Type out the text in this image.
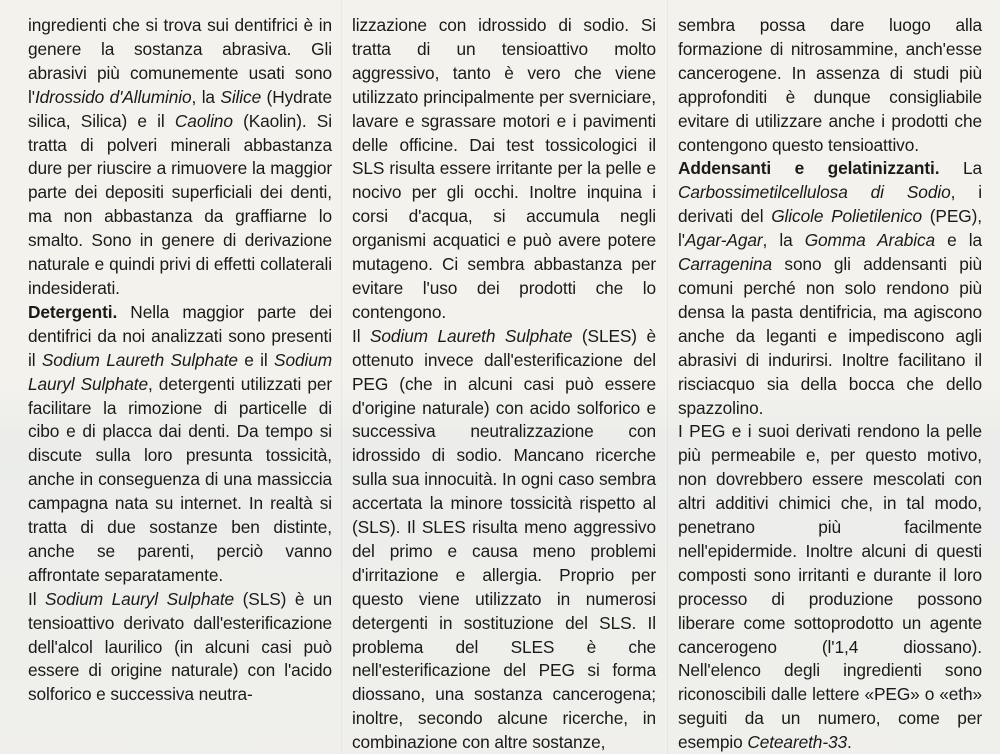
ingredienti che si trova sui dentifrici è in genere la sostanza abrasiva. Gli abrasivi più comunemente usati sono l'Idrossido d'Alluminio, la Silice (Hydrate silica, Silica) e il Caolino (Kaolin). Si tratta di polveri minerali abbastanza dure per riuscire a rimuovere la maggior parte dei depositi superficiali dei denti, ma non abbastanza da graffiarne lo smalto. Sono in genere di derivazione naturale e quindi privi di effetti collaterali indesiderati.

Detergenti. Nella maggior parte dei dentifrici da noi analizzati sono presenti il Sodium Laureth Sulphate e il Sodium Lauryl Sulphate, detergenti utilizzati per facilitare la rimozione di particelle di cibo e di placca dai denti. Da tempo si discute sulla loro presunta tossicità, anche in conseguenza di una massiccia campagna nata su internet. In realtà si tratta di due sostanze ben distinte, anche se parenti, perciò vanno affrontate separatamente.

Il Sodium Lauryl Sulphate (SLS) è un tensioattivo derivato dall'esterificazione dell'alcol laurilico (in alcuni casi può essere di origine naturale) con l'acido solforico e successiva neutra-

lizzazione con idrossido di sodio. Si tratta di un tensioattivo molto aggressivo, tanto è vero che viene utilizzato principalmente per sverniciare, lavare e sgrassare motori e i pavimenti delle officine. Dai test tossicologici il SLS risulta essere irritante per la pelle e nocivo per gli occhi. Inoltre inquina i corsi d'acqua, si accumula negli organismi acquatici e può avere potere mutageno. Ci sembra abbastanza per evitare l'uso dei prodotti che lo contengono.

Il Sodium Laureth Sulphate (SLES) è ottenuto invece dall'esterificazione del PEG (che in alcuni casi può essere d'origine naturale) con acido solforico e successiva neutralizzazione con idrossido di sodio. Mancano ricerche sulla sua innocuità. In ogni caso sembra accertata la minore tossicità rispetto al (SLS). Il SLES risulta meno aggressivo del primo e causa meno problemi d'irritazione e allergia. Proprio per questo viene utilizzato in numerosi detergenti in sostituzione del SLS. Il problema del SLES è che nell'esterificazione del PEG si forma diossano, una sostanza cancerogena; inoltre, secondo alcune ricerche, in combinazione con altre sostanze,

sembra possa dare luogo alla formazione di nitrosammine, anch'esse cancerogene. In assenza di studi più approfonditi è dunque consigliabile evitare di utilizzare anche i prodotti che contengono questo tensioattivo.

Addensanti e gelatinizzanti. La Carbossimetilcellulosa di Sodio, i derivati del Glicole Polietilenico (PEG), l'Agar-Agar, la Gomma Arabica e la Carragenina sono gli addensanti più comuni perché non solo rendono più densa la pasta dentifricia, ma agiscono anche da leganti e impediscono agli abrasivi di indurirsi. Inoltre facilitano il risciacquo sia della bocca che dello spazzolino.

I PEG e i suoi derivati rendono la pelle più permeabile e, per questo motivo, non dovrebbero essere mescolati con altri additivi chimici che, in tal modo, penetrano più facilmente nell'epidermide. Inoltre alcuni di questi composti sono irritanti e durante il loro processo di produzione possono liberare come sottoprodotto un agente cancerogeno (l'1,4 diossano). Nell'elenco degli ingredienti sono riconoscibili dalle lettere «PEG» o «eth» seguiti da un numero, come per esempio Ceteareth-33.
